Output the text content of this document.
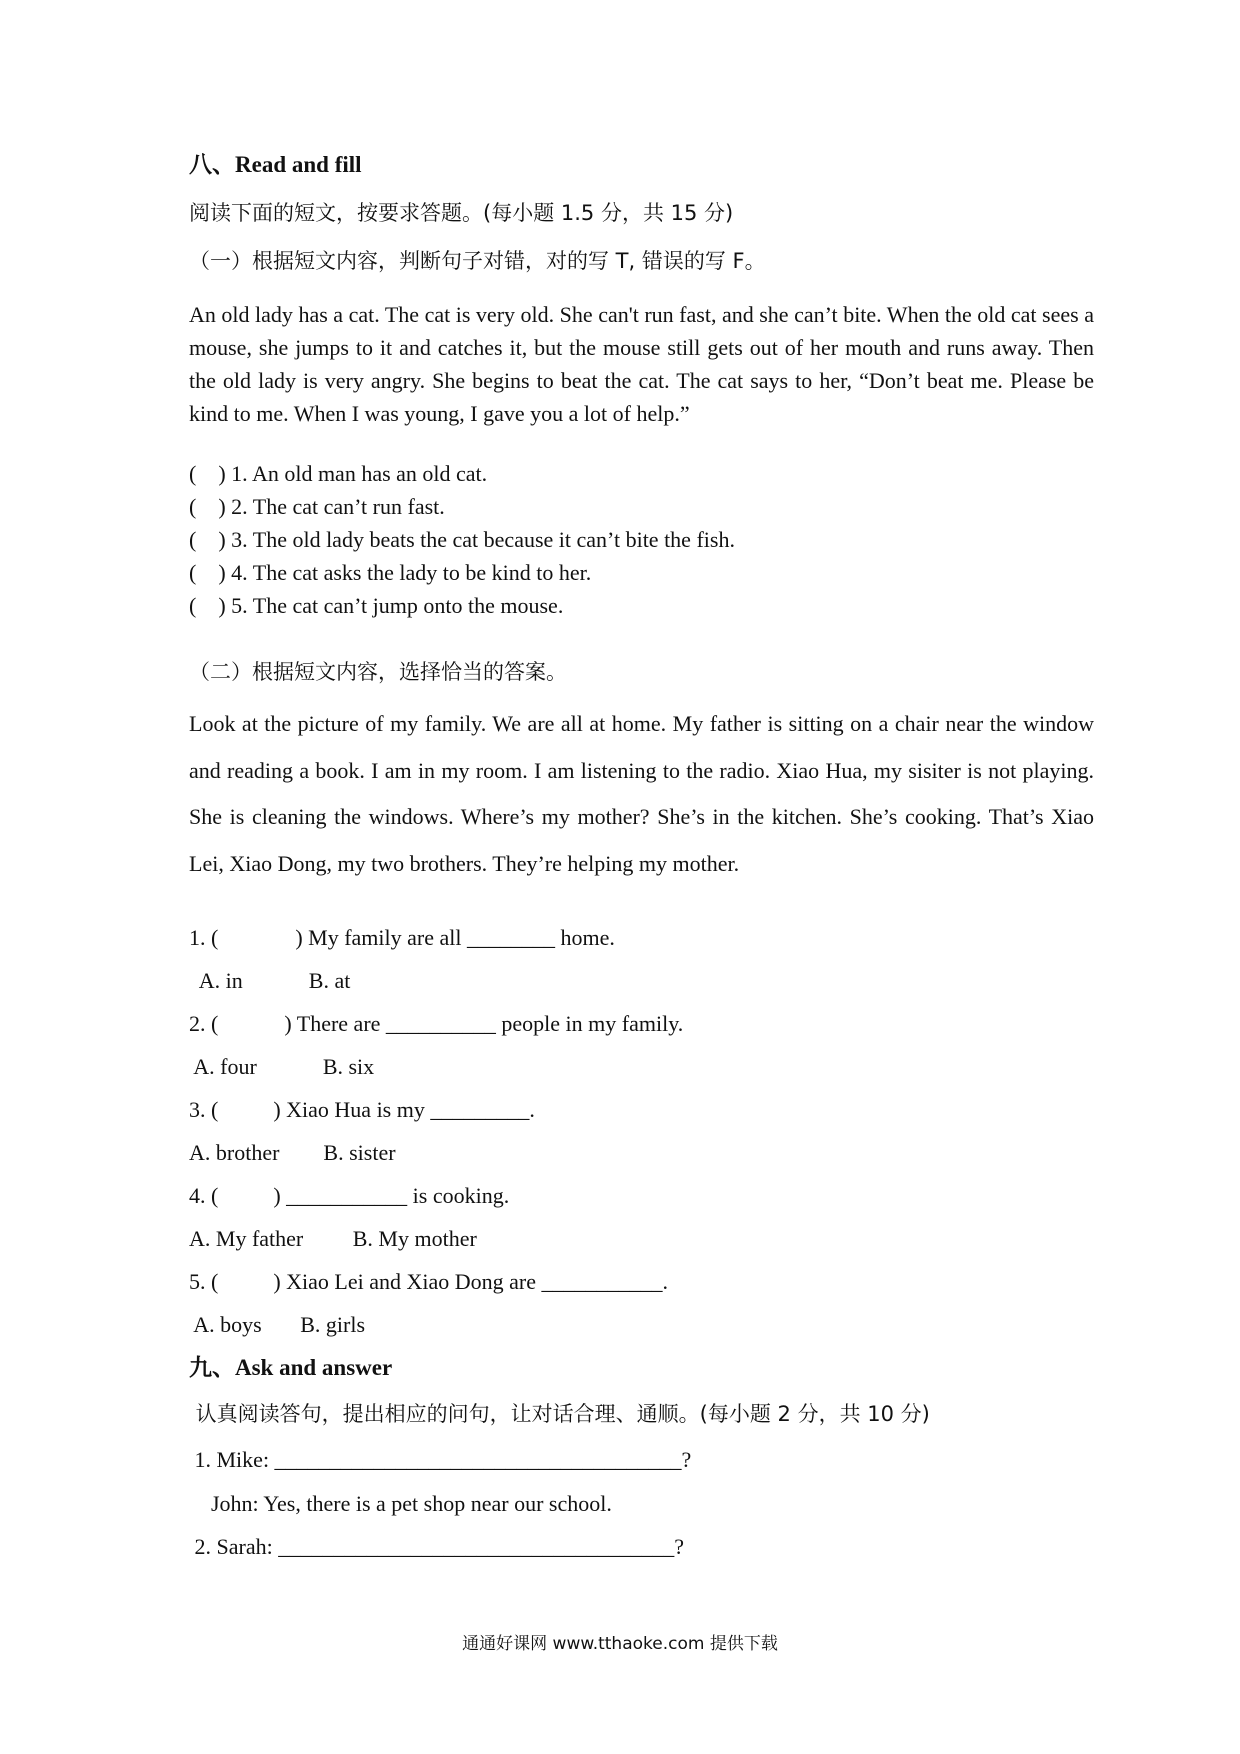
八、Read and fill
阅读下面的短文，按要求答题。(每小题 1.5 分，共 15 分)
（一）根据短文内容，判断句子对错，对的写 T, 错误的写 F。
An old lady has a cat. The cat is very old. She can't run fast, and she can’t bite. When the old cat sees a mouse, she jumps to it and catches it, but the mouse still gets out of her mouth and runs away. Then the old lady is very angry. She begins to beat the cat. The cat says to her, “Don’t beat me. Please be kind to me. When I was young, I gave you a lot of help.”
(    ) 1. An old man has an old cat.
(    ) 2. The cat can’t run fast.
(    ) 3. The old lady beats the cat because it can’t bite the fish.
(    ) 4. The cat asks the lady to be kind to her.
(    ) 5. The cat can’t jump onto the mouse.
（二）根据短文内容，选择恰当的答案。
Look at the picture of my family. We are all at home. My father is sitting on a chair near the window and reading a book. I am in my room. I am listening to the radio. Xiao Hua, my sisiter is not playing. She is cleaning the windows. Where’s my mother? She’s in the kitchen. She’s cooking. That’s Xiao Lei, Xiao Dong, my two brothers. They’re helping my mother.
1. (              ) My family are all ________ home.
A. in            B. at
2. (            ) There are __________ people in my family.
A. four            B. six
3. (          ) Xiao Hua is my _________.
A. brother        B. sister
4. (          ) ___________ is cooking.
A. My father         B. My mother
5. (          ) Xiao Lei and Xiao Dong are ___________.
A. boys       B. girls
九、Ask and answer
认真阅读答句，提出相应的问句，让对话合理、通顺。(每小题 2 分，共 10 分)
1. Mike: _____________________________________?
John: Yes, there is a pet shop near our school.
2. Sarah: ____________________________________?
通通好课网 www.tthaoke.com 提供下载
